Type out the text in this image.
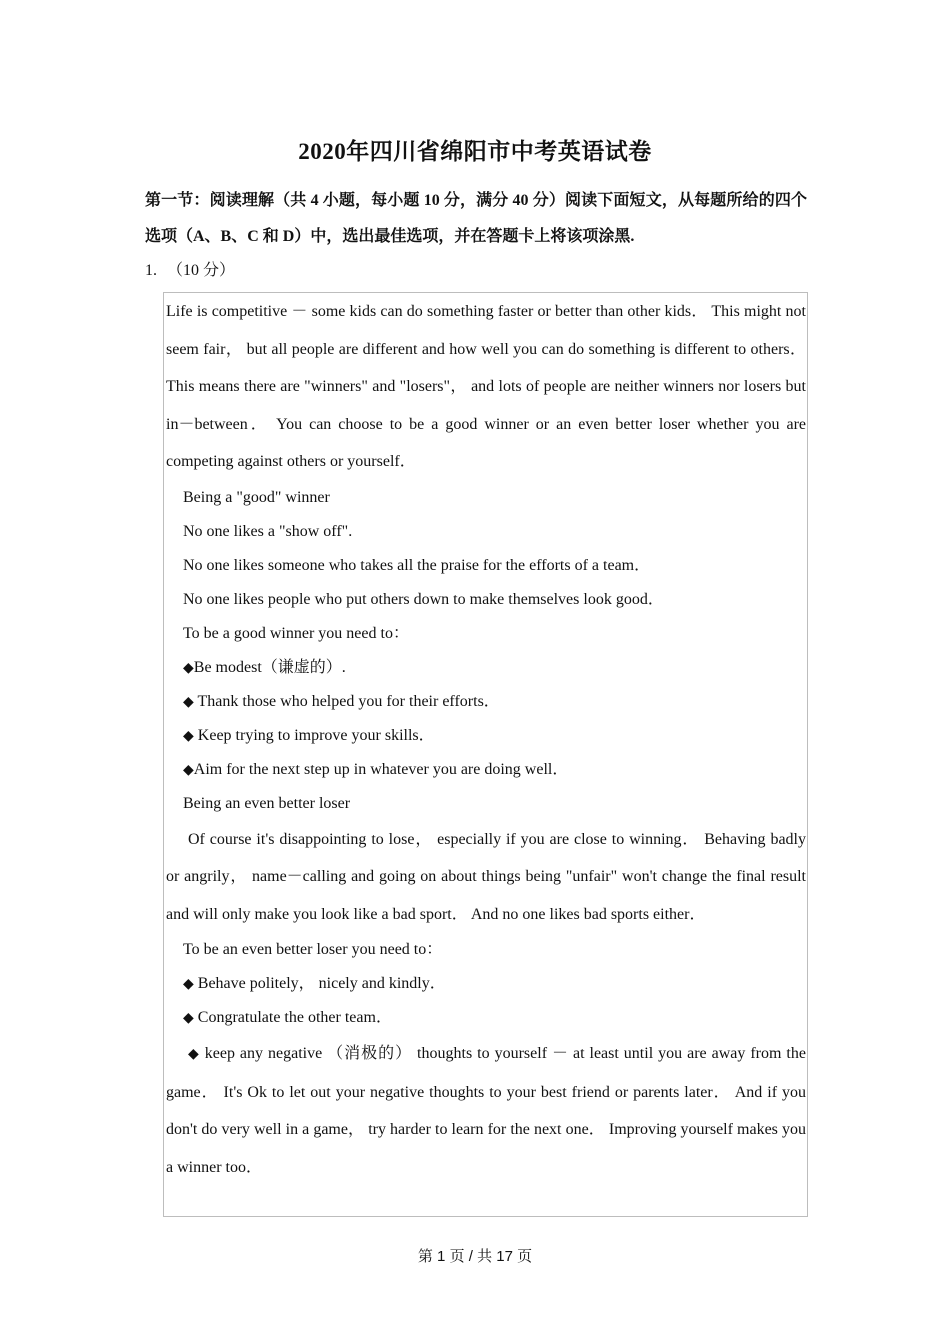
2020年四川省绵阳市中考英语试卷
第一节：阅读理解（共 4 小题，每小题 10 分，满分 40 分）阅读下面短文，从每题所给的四个选项（A、B、C 和 D）中，选出最佳选项，并在答题卡上将该项涂黑.
1. （10 分）

Life is competitive － some kids can do something faster or better than other kids． This might not seem fair， but all people are different and how well you can do something is different to others． This means there are "winners" and "losers"， and lots of people are neither winners nor losers but in－between． You can choose to be a good winner or an even better loser whether you are competing against others or yourself．

Being a "good" winner

No one likes a "show off".

No one likes someone who takes all the praise for the efforts of a team．

No one likes people who put others down to make themselves look good．

To be a good winner you need to：

◆Be modest（谦虚的）.

◆ Thank those who helped you for their efforts．

◆ Keep trying to improve your skills．

◆Aim for the next step up in whatever you are doing well．

Being an even better loser

Of course it's disappointing to lose， especially if you are close to winning． Behaving badly or angrily， name－calling and going on about things being "unfair" won't change the final result and will only make you look like a bad sport． And no one likes bad sports either．

To be an even better loser you need to：

◆ Behave politely， nicely and kindly．

◆ Congratulate the other team．

◆ keep any negative （消极的） thoughts to yourself － at least until you are away from the game． It's Ok to let out your negative thoughts to your best friend or parents later． And if you don't do very well in a game， try harder to learn for the next one． Improving yourself makes you a winner too．

第 1 页 / 共 17 页
